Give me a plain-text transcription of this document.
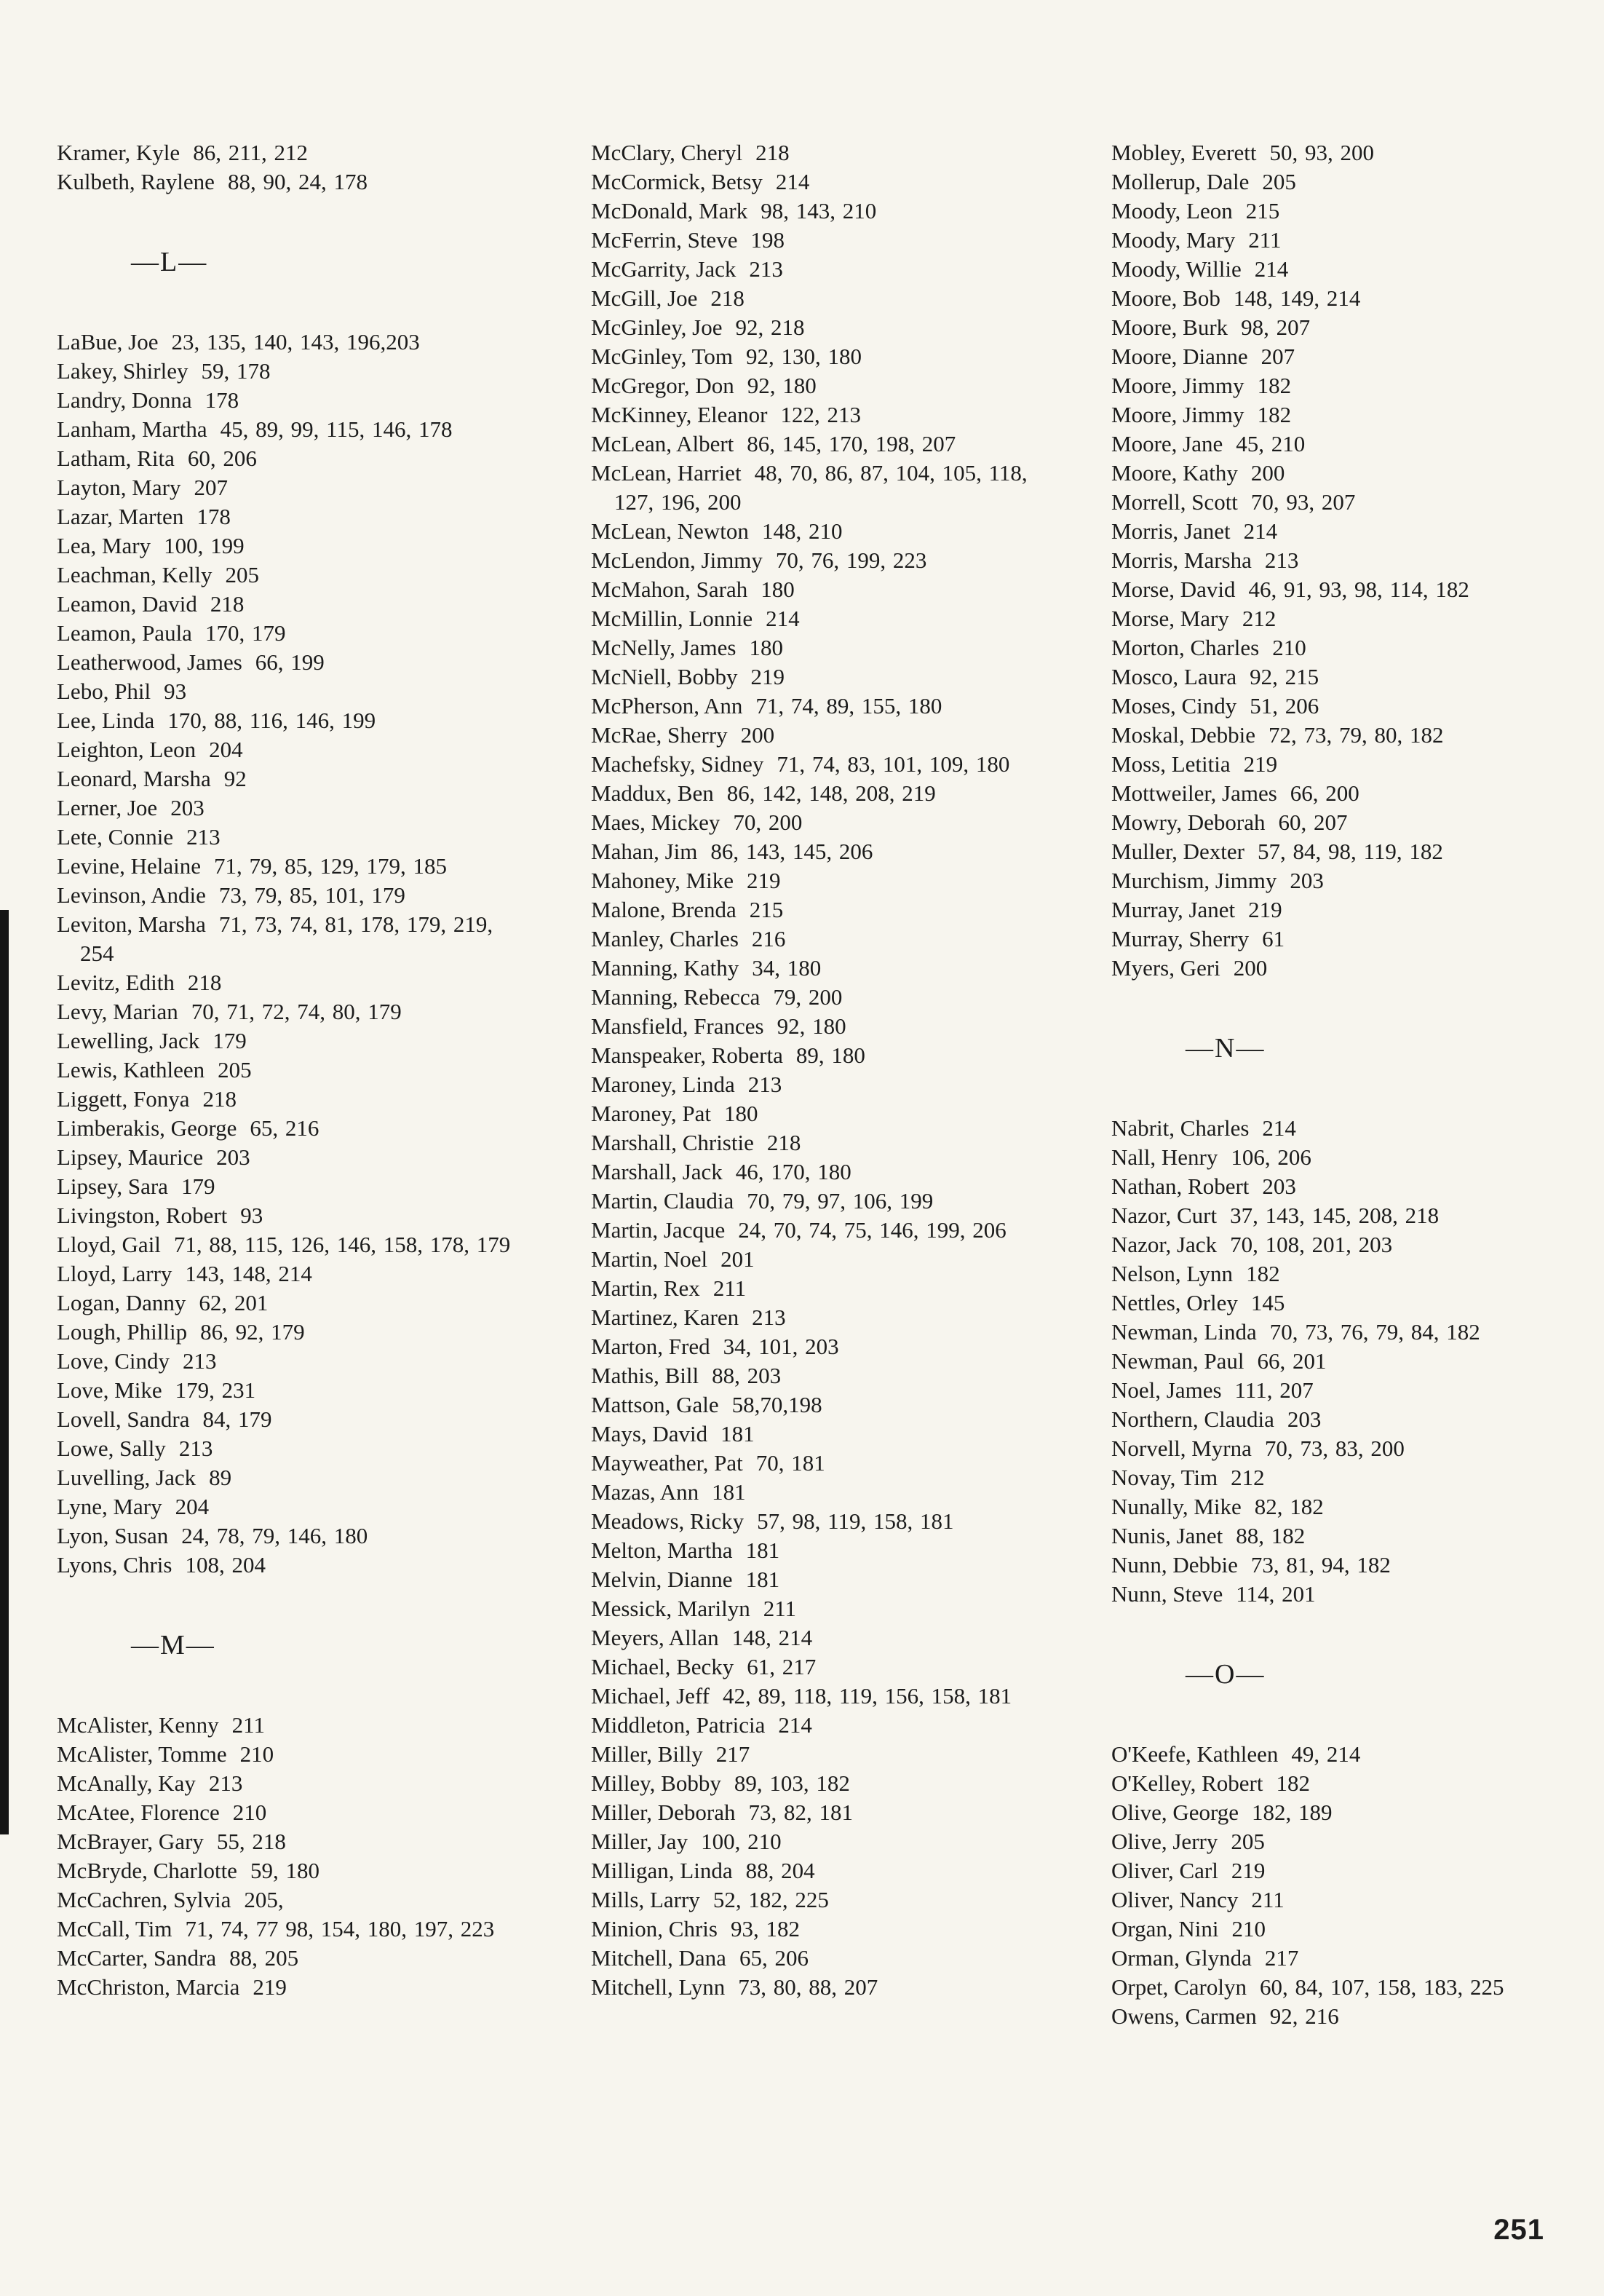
Kramer, Kyle 86, 211, 212

Kulbeth, Raylene 88, 90, 24, 178

—L—

LaBue, Joe 23, 135, 140, 143, 196,203

Lakey, Shirley 59, 178

Landry, Donna 178

Lanham, Martha 45, 89, 99, 115, 146, 178

Latham, Rita 60, 206

Layton, Mary 207

Lazar, Marten 178

Lea, Mary 100, 199

Leachman, Kelly 205

Leamon, David 218

Leamon, Paula 170, 179

Leatherwood, James 66, 199

Lebo, Phil 93

Lee, Linda 170, 88, 116, 146, 199

Leighton, Leon 204

Leonard, Marsha 92

Lerner, Joe 203

Lete, Connie 213

Levine, Helaine 71, 79, 85, 129, 179, 185

Levinson, Andie 73, 79, 85, 101, 179

Leviton, Marsha 71, 73, 74, 81, 178, 179, 219, 254

Levitz, Edith 218

Levy, Marian 70, 71, 72, 74, 80, 179

Lewelling, Jack 179

Lewis, Kathleen 205

Liggett, Fonya 218

Limberakis, George 65, 216

Lipsey, Maurice 203

Lipsey, Sara 179

Livingston, Robert 93

Lloyd, Gail 71, 88, 115, 126, 146, 158, 178, 179

Lloyd, Larry 143, 148, 214

Logan, Danny 62, 201

Lough, Phillip 86, 92, 179

Love, Cindy 213

Love, Mike 179, 231

Lovell, Sandra 84, 179

Lowe, Sally 213

Luvelling, Jack 89

Lyne, Mary 204

Lyon, Susan 24, 78, 79, 146, 180

Lyons, Chris 108, 204

—M—

McAlister, Kenny 211

McAlister, Tomme 210

McAnally, Kay 213

McAtee, Florence 210

McBrayer, Gary 55, 218

McBryde, Charlotte 59, 180

McCachren, Sylvia 205,

McCall, Tim 71, 74, 77 98, 154, 180, 197, 223

McCarter, Sandra 88, 205

McChriston, Marcia 219

McClary, Cheryl 218

McCormick, Betsy 214

McDonald, Mark 98, 143, 210

McFerrin, Steve 198

McGarrity, Jack 213

McGill, Joe 218

McGinley, Joe 92, 218

McGinley, Tom 92, 130, 180

McGregor, Don 92, 180

McKinney, Eleanor 122, 213

McLean, Albert 86, 145, 170, 198, 207

McLean, Harriet 48, 70, 86, 87, 104, 105, 118, 127, 196, 200

McLean, Newton 148, 210

McLendon, Jimmy 70, 76, 199, 223

McMahon, Sarah 180

McMillin, Lonnie 214

McNelly, James 180

McNiell, Bobby 219

McPherson, Ann 71, 74, 89, 155, 180

McRae, Sherry 200

Machefsky, Sidney 71, 74, 83, 101, 109, 180

Maddux, Ben 86, 142, 148, 208, 219

Maes, Mickey 70, 200

Mahan, Jim 86, 143, 145, 206

Mahoney, Mike 219

Malone, Brenda 215

Manley, Charles 216

Manning, Kathy 34, 180

Manning, Rebecca 79, 200

Mansfield, Frances 92, 180

Manspeaker, Roberta 89, 180

Maroney, Linda 213

Maroney, Pat 180

Marshall, Christie 218

Marshall, Jack 46, 170, 180

Martin, Claudia 70, 79, 97, 106, 199

Martin, Jacque 24, 70, 74, 75, 146, 199, 206

Martin, Noel 201

Martin, Rex 211

Martinez, Karen 213

Marton, Fred 34, 101, 203

Mathis, Bill 88, 203

Mattson, Gale 58,70,198

Mays, David 181

Mayweather, Pat 70, 181

Mazas, Ann 181

Meadows, Ricky 57, 98, 119, 158, 181

Melton, Martha 181

Melvin, Dianne 181

Messick, Marilyn 211

Meyers, Allan 148, 214

Michael, Becky 61, 217

Michael, Jeff 42, 89, 118, 119, 156, 158, 181

Middleton, Patricia 214

Miller, Billy 217

Milley, Bobby 89, 103, 182

Miller, Deborah 73, 82, 181

Miller, Jay 100, 210

Milligan, Linda 88, 204

Mills, Larry 52, 182, 225

Minion, Chris 93, 182

Mitchell, Dana 65, 206

Mitchell, Lynn 73, 80, 88, 207

Mobley, Everett 50, 93, 200

Mollerup, Dale 205

Moody, Leon 215

Moody, Mary 211

Moody, Willie 214

Moore, Bob 148, 149, 214

Moore, Burk 98, 207

Moore, Dianne 207

Moore, Jimmy 182

Moore, Jimmy 182

Moore, Jane 45, 210

Moore, Kathy 200

Morrell, Scott 70, 93, 207

Morris, Janet 214

Morris, Marsha 213

Morse, David 46, 91, 93, 98, 114, 182

Morse, Mary 212

Morton, Charles 210

Mosco, Laura 92, 215

Moses, Cindy 51, 206

Moskal, Debbie 72, 73, 79, 80, 182

Moss, Letitia 219

Mottweiler, James 66, 200

Mowry, Deborah 60, 207

Muller, Dexter 57, 84, 98, 119, 182

Murchism, Jimmy 203

Murray, Janet 219

Murray, Sherry 61

Myers, Geri 200

—N—

Nabrit, Charles 214

Nall, Henry 106, 206

Nathan, Robert 203

Nazor, Curt 37, 143, 145, 208, 218

Nazor, Jack 70, 108, 201, 203

Nelson, Lynn 182

Nettles, Orley 145

Newman, Linda 70, 73, 76, 79, 84, 182

Newman, Paul 66, 201

Noel, James 111, 207

Northern, Claudia 203

Norvell, Myrna 70, 73, 83, 200

Novay, Tim 212

Nunally, Mike 82, 182

Nunis, Janet 88, 182

Nunn, Debbie 73, 81, 94, 182

Nunn, Steve 114, 201

—O—

O'Keefe, Kathleen 49, 214

O'Kelley, Robert 182

Olive, George 182, 189

Olive, Jerry 205

Oliver, Carl 219

Oliver, Nancy 211

Organ, Nini 210

Orman, Glynda 217

Orpet, Carolyn 60, 84, 107, 158, 183, 225

Owens, Carmen 92, 216

251
